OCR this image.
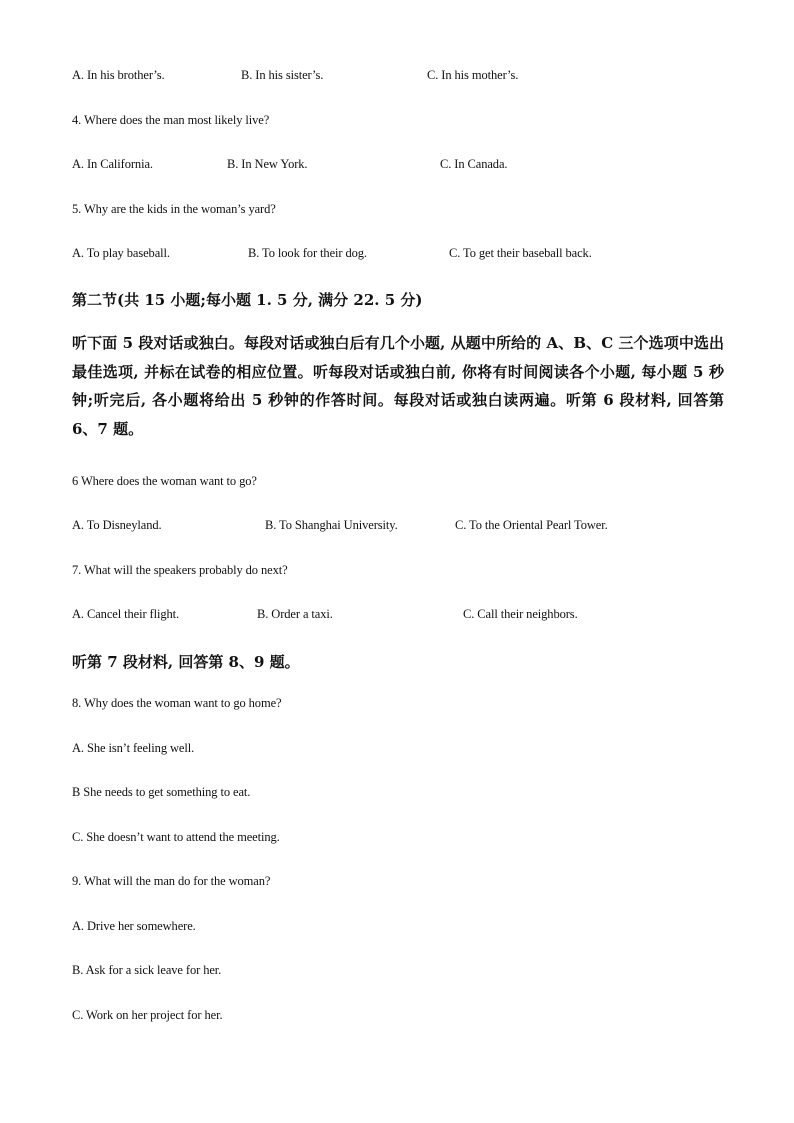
A. In his brother’s.	B. In his sister’s.	C. In his mother’s.
4. Where does the man most likely live?
A. In California.	B. In New York.	C. In Canada.
5. Why are the kids in the woman’s yard?
A. To play baseball.	B. To look for their dog.	C. To get their baseball back.
第二节(共 15 小题;每小题 1. 5 分, 满分 22. 5 分)
听下面 5 段对话或独白。每段对话或独白后有几个小题, 从题中所给的 A、B、C 三个选项中选出最佳选项, 并标在试卷的相应位置。听每段对话或独白前, 你将有时间阅读各个小题, 每小题 5 秒钟;听完后, 各小题将给出 5 秒钟的作答时间。每段对话或独白读两遍。听第 6 段材料, 回答第 6、7 题。
6 Where does the woman want to go?
A. To Disneyland.	B. To Shanghai University.	C. To the Oriental Pearl Tower.
7. What will the speakers probably do next?
A. Cancel their flight.	B. Order a taxi.	C. Call their neighbors.
听第 7 段材料, 回答第 8、9 题。
8. Why does the woman want to go home?
A. She isn’t feeling well.
B She needs to get something to eat.
C. She doesn’t want to attend the meeting.
9. What will the man do for the woman?
A. Drive her somewhere.
B. Ask for a sick leave for her.
C. Work on her project for her.
